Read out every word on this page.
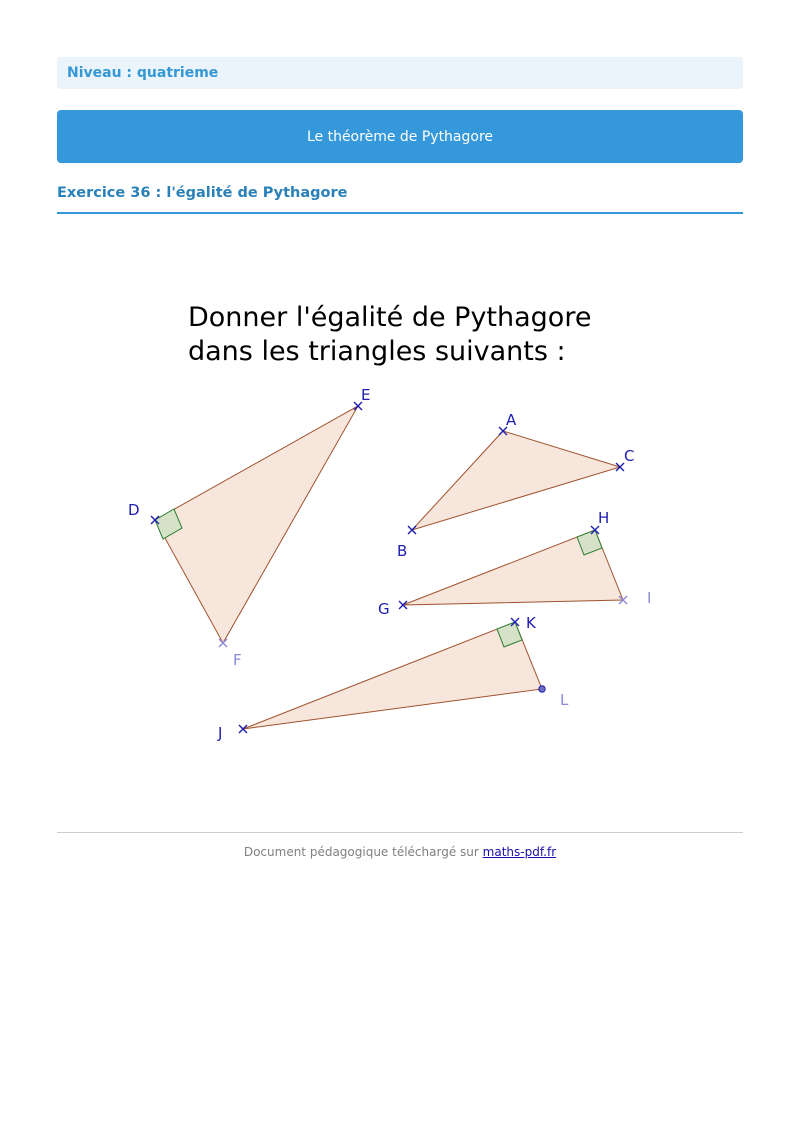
Niveau : quatrieme
Le théorème de Pythagore
Exercice 36 : l'égalité de Pythagore
Donner l'égalité de Pythagore
dans les triangles suivants :
E
D
F
A
C
B
H
G
I
K
L
J
Document pédagogique téléchargé sur maths-pdf.fr
